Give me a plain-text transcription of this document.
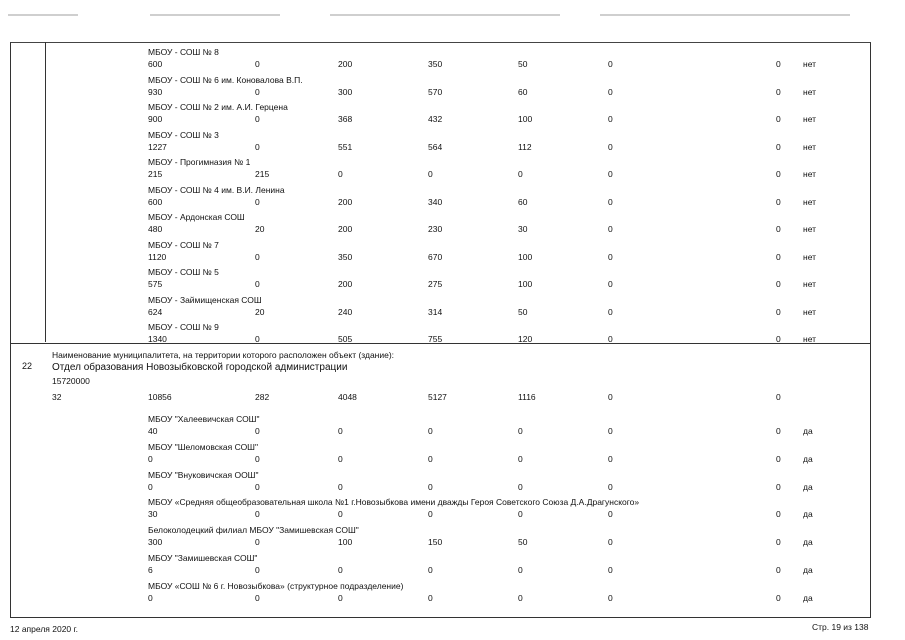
МБОУ - СОШ № 8
600	0	200	350	50	0	0	нет
МБОУ - СОШ № 6 им. Коновалова В.П.
930	0	300	570	60	0	0	нет
МБОУ - СОШ № 2 им. А.И. Герцена
900	0	368	432	100	0	0	нет
МБОУ - СОШ № 3
1227	0	551	564	112	0	0	нет
МБОУ - Прогимназия № 1
215	215	0	0	0	0	0	нет
МБОУ - СОШ № 4 им. В.И. Ленина
600	0	200	340	60	0	0	нет
МБОУ - Ардонская СОШ
480	20	200	230	30	0	0	нет
МБОУ - СОШ № 7
1120	0	350	670	100	0	0	нет
МБОУ - СОШ № 5
575	0	200	275	100	0	0	нет
МБОУ - Займищенская СОШ
624	20	240	314	50	0	0	нет
МБОУ - СОШ № 9
1340	0	505	755	120	0	0	нет
22
Наименование муниципалитета, на территории которого расположен объект (здание):
Отдел образования Новозыбковской городской администрации
15720000
32	10856	282	4048	5127	1116	0	0
МБОУ "Халеевичская СОШ"
40	0	0	0	0	0	0	да
МБОУ "Шеломовская СОШ"
0	0	0	0	0	0	0	да
МБОУ "Внуковичская ООШ"
0	0	0	0	0	0	0	да
МБОУ «Средняя общеобразовательная школа №1 г.Новозыбкова имени дважды Героя Советского Союза Д.А.Драгунского»
30	0	0	0	0	0	0	да
Белоколодецкий филиал МБОУ "Замишевская СОШ"
300	0	100	150	50	0	0	да
МБОУ "Замишевская СОШ"
6	0	0	0	0	0	0	да
МБОУ «СОШ № 6 г. Новозыбкова» (структурное подразделение)
0	0	0	0	0	0	0	да
12 апреля 2020 г.	Стр. 19 из 138
